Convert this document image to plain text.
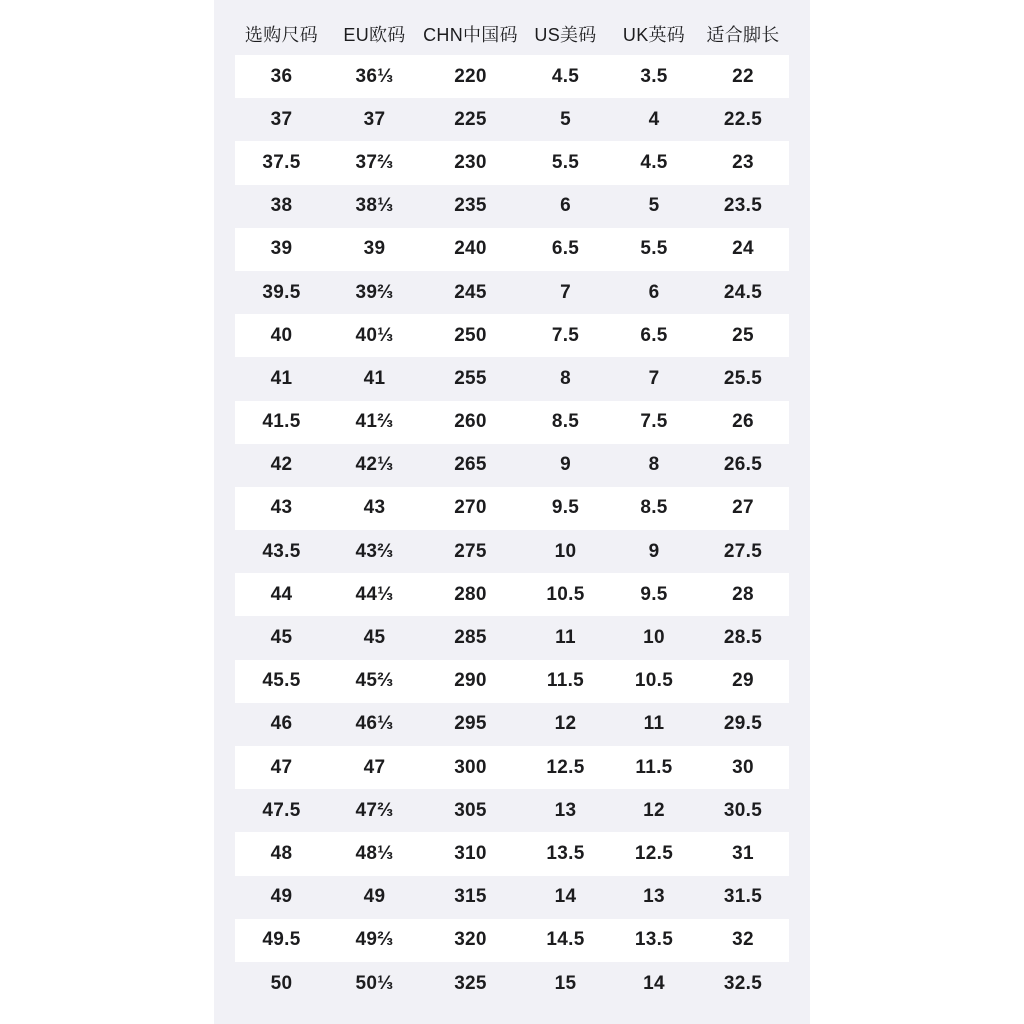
选购尺码	EU欧码	CHN中国码	US美码	UK英码	适合脚长
36	36⅓	220	4.5	3.5	22
37	37	225	5	4	22.5
37.5	37⅔	230	5.5	4.5	23
38	38⅓	235	6	5	23.5
39	39	240	6.5	5.5	24
39.5	39⅔	245	7	6	24.5
40	40⅓	250	7.5	6.5	25
41	41	255	8	7	25.5
41.5	41⅔	260	8.5	7.5	26
42	42⅓	265	9	8	26.5
43	43	270	9.5	8.5	27
43.5	43⅔	275	10	9	27.5
44	44⅓	280	10.5	9.5	28
45	45	285	11	10	28.5
45.5	45⅔	290	11.5	10.5	29
46	46⅓	295	12	11	29.5
47	47	300	12.5	11.5	30
47.5	47⅔	305	13	12	30.5
48	48⅓	310	13.5	12.5	31
49	49	315	14	13	31.5
49.5	49⅔	320	14.5	13.5	32
50	50⅓	325	15	14	32.5
